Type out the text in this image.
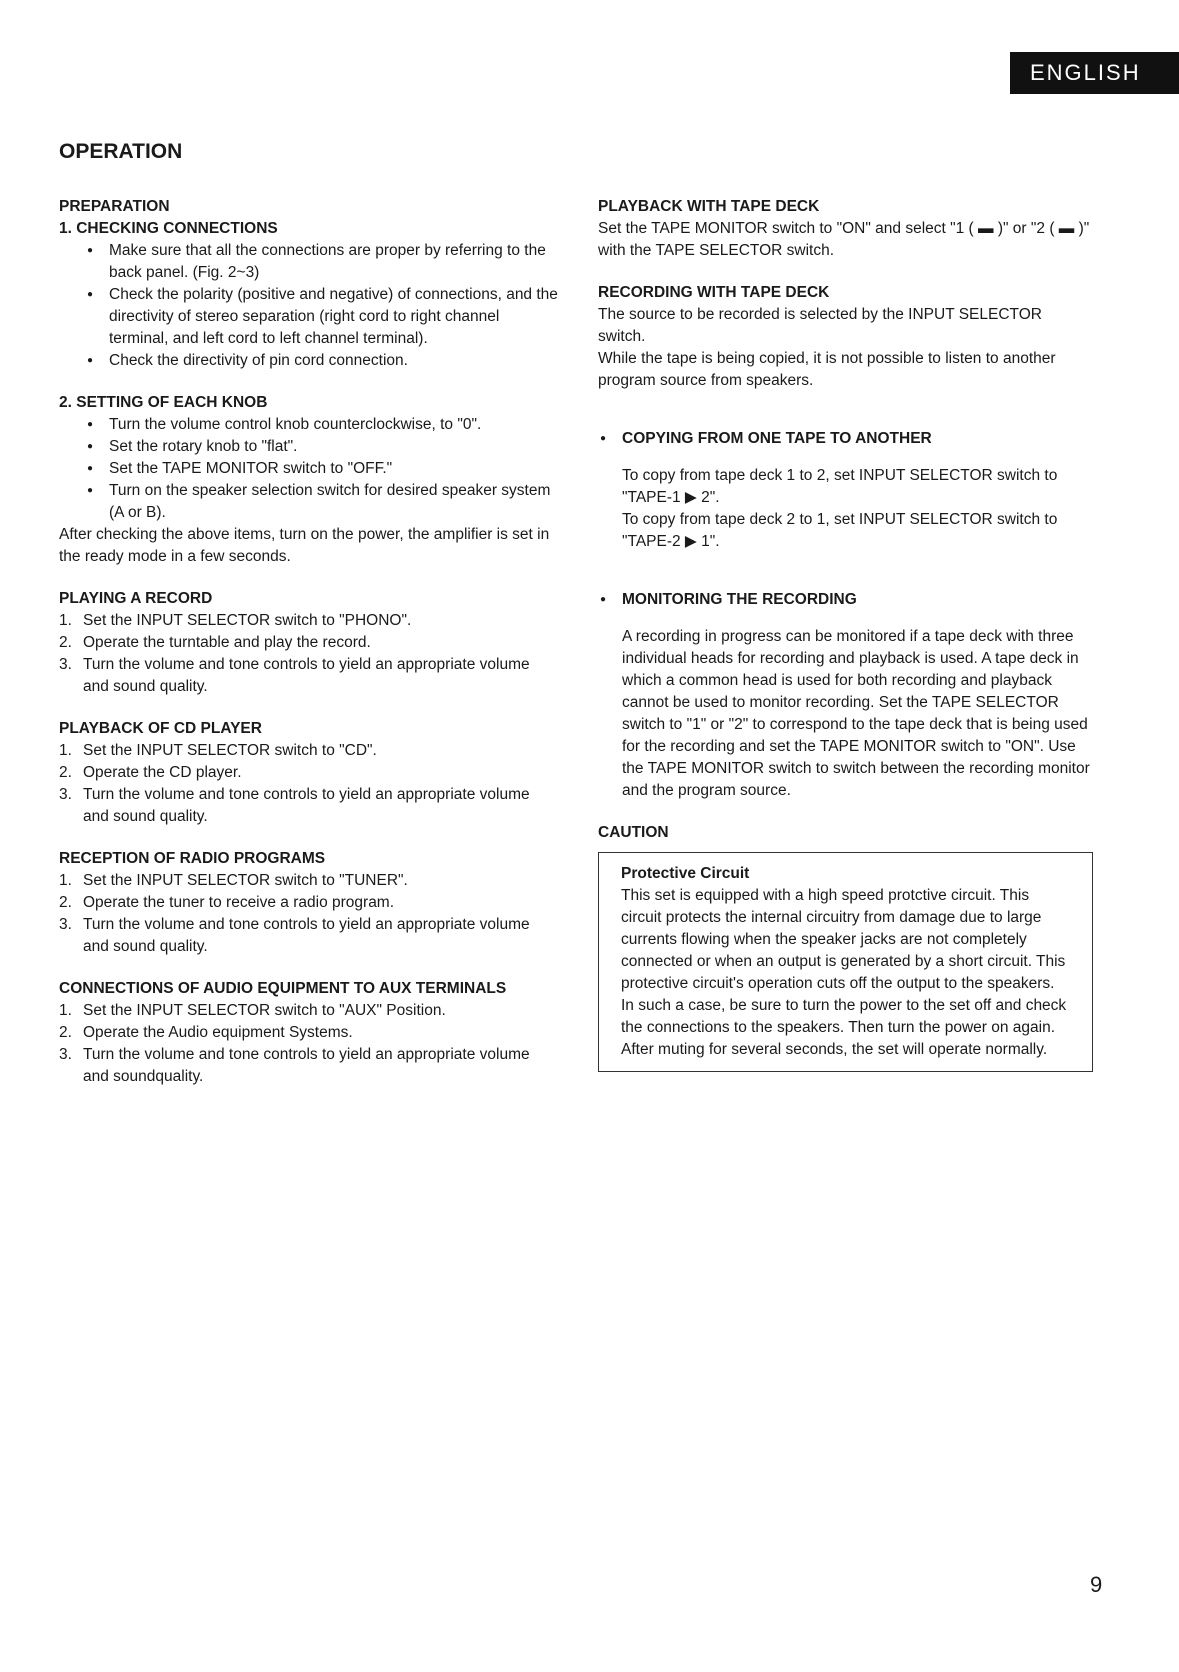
ENGLISH
OPERATION

PREPARATION

1. CHECKING CONNECTIONS

● Make sure that all the connections are proper by referring to the back panel. (Fig. 2~3)
● Check the polarity (positive and negative) of connections, and the directivity of stereo separation (right cord to right channel terminal, and left cord to left channel terminal).
● Check the directivity of pin cord connection.

2. SETTING OF EACH KNOB

● Turn the volume control knob counterclockwise, to "0".
● Set the rotary knob to "flat".
● Set the TAPE MONITOR switch to "OFF."
● Turn on the speaker selection switch for desired speaker system (A or B).

After checking the above items, turn on the power, the amplifier is set in the ready mode in a few seconds.

PLAYING A RECORD

1. Set the INPUT SELECTOR switch to "PHONO".
2. Operate the turntable and play the record.
3. Turn the volume and tone controls to yield an appropriate volume and sound quality.

PLAYBACK OF CD PLAYER

1. Set the INPUT SELECTOR switch to "CD".
2. Operate the CD player.
3. Turn the volume and tone controls to yield an appropriate volume and sound quality.

RECEPTION OF RADIO PROGRAMS

1. Set the INPUT SELECTOR switch to "TUNER".
2. Operate the tuner to receive a radio program.
3. Turn the volume and tone controls to yield an appropriate volume and sound quality.

CONNECTIONS OF AUDIO EQUIPMENT TO AUX TERMINALS

1. Set the INPUT SELECTOR switch to "AUX" Position.
2. Operate the Audio equipment Systems.
3. Turn the volume and tone controls to yield an appropriate volume and soundquality.

PLAYBACK WITH TAPE DECK

Set the TAPE MONITOR switch to "ON" and select "1 ( ▬ )" or "2 ( ▬ )" with the TAPE SELECTOR switch.

RECORDING WITH TAPE DECK

The source to be recorded is selected by the INPUT SELECTOR switch.

While the tape is being copied, it is not possible to listen to another program source from speakers.

● COPYING FROM ONE TAPE TO ANOTHER

To copy from tape deck 1 to 2, set INPUT SELECTOR switch to "TAPE-1 ▶ 2".

To copy from tape deck 2 to 1, set INPUT SELECTOR switch to "TAPE-2 ▶ 1".

● MONITORING THE RECORDING

A recording in progress can be monitored if a tape deck with three individual heads for recording and playback is used. A tape deck in which a common head is used for both recording and playback cannot be used to monitor recording. Set the TAPE SELECTOR switch to "1" or "2" to correspond to the tape deck that is being used for the recording and set the TAPE MONITOR switch to "ON". Use the TAPE MONITOR switch to switch between the recording monitor and the program source.

CAUTION

Protective Circuit

This set is equipped with a high speed protctive circuit. This circuit protects the internal circuitry from damage due to large currents flowing when the speaker jacks are not completely connected or when an output is generated by a short circuit. This protective circuit's operation cuts off the output to the speakers. In such a case, be sure to turn the power to the set off and check the connections to the speakers. Then turn the power on again. After muting for several seconds, the set will operate normally.

9
